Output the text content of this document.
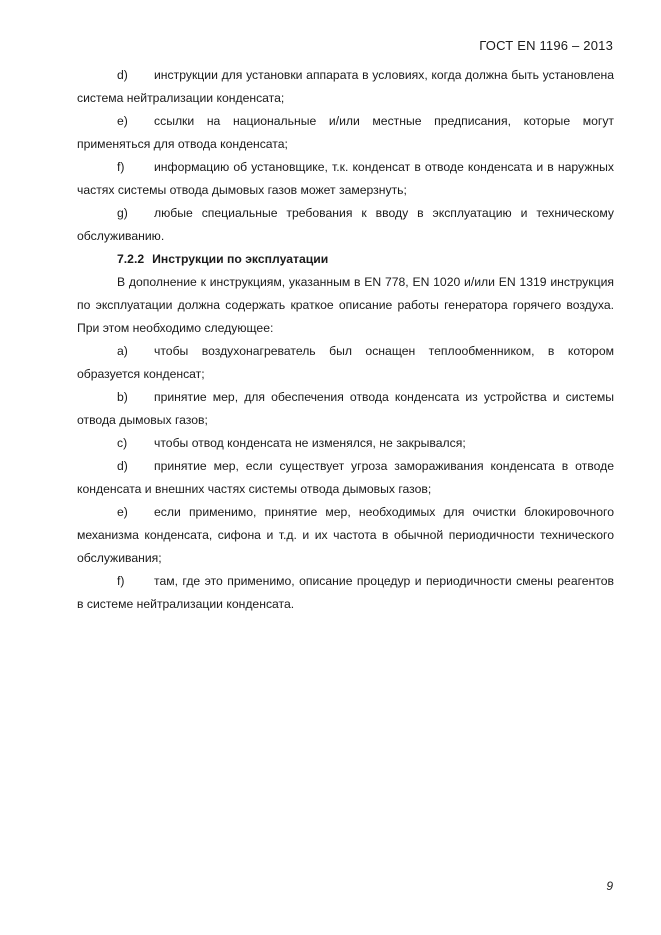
ГОСТ EN 1196 – 2013
d) инструкции для установки аппарата в условиях, когда должна быть установлена система нейтрализации конденсата;
e) ссылки на национальные и/или местные предписания, которые могут применяться для отвода конденсата;
f) информацию об установщике, т.к. конденсат в отводе конденсата и в наружных частях системы отвода дымовых газов может замерзнуть;
g) любые специальные требования к вводу в эксплуатацию и техническому обслуживанию.
7.2.2 Инструкции по эксплуатации
В дополнение к инструкциям, указанным в EN 778, EN 1020 и/или EN 1319 инструкция по эксплуатации должна содержать краткое описание работы генератора горячего воздуха. При этом необходимо следующее:
a) чтобы воздухонагреватель был оснащен теплообменником, в котором образуется конденсат;
b) принятие мер, для обеспечения отвода конденсата из устройства и системы отвода дымовых газов;
c) чтобы отвод конденсата не изменялся, не закрывался;
d) принятие мер, если существует угроза замораживания конденсата в отводе конденсата и внешних частях системы отвода дымовых газов;
e) если применимо, принятие мер, необходимых для очистки блокировочного механизма конденсата, сифона и т.д. и их частота в обычной периодичности технического обслуживания;
f) там, где это применимо, описание процедур и периодичности смены реагентов в системе нейтрализации конденсата.
9
